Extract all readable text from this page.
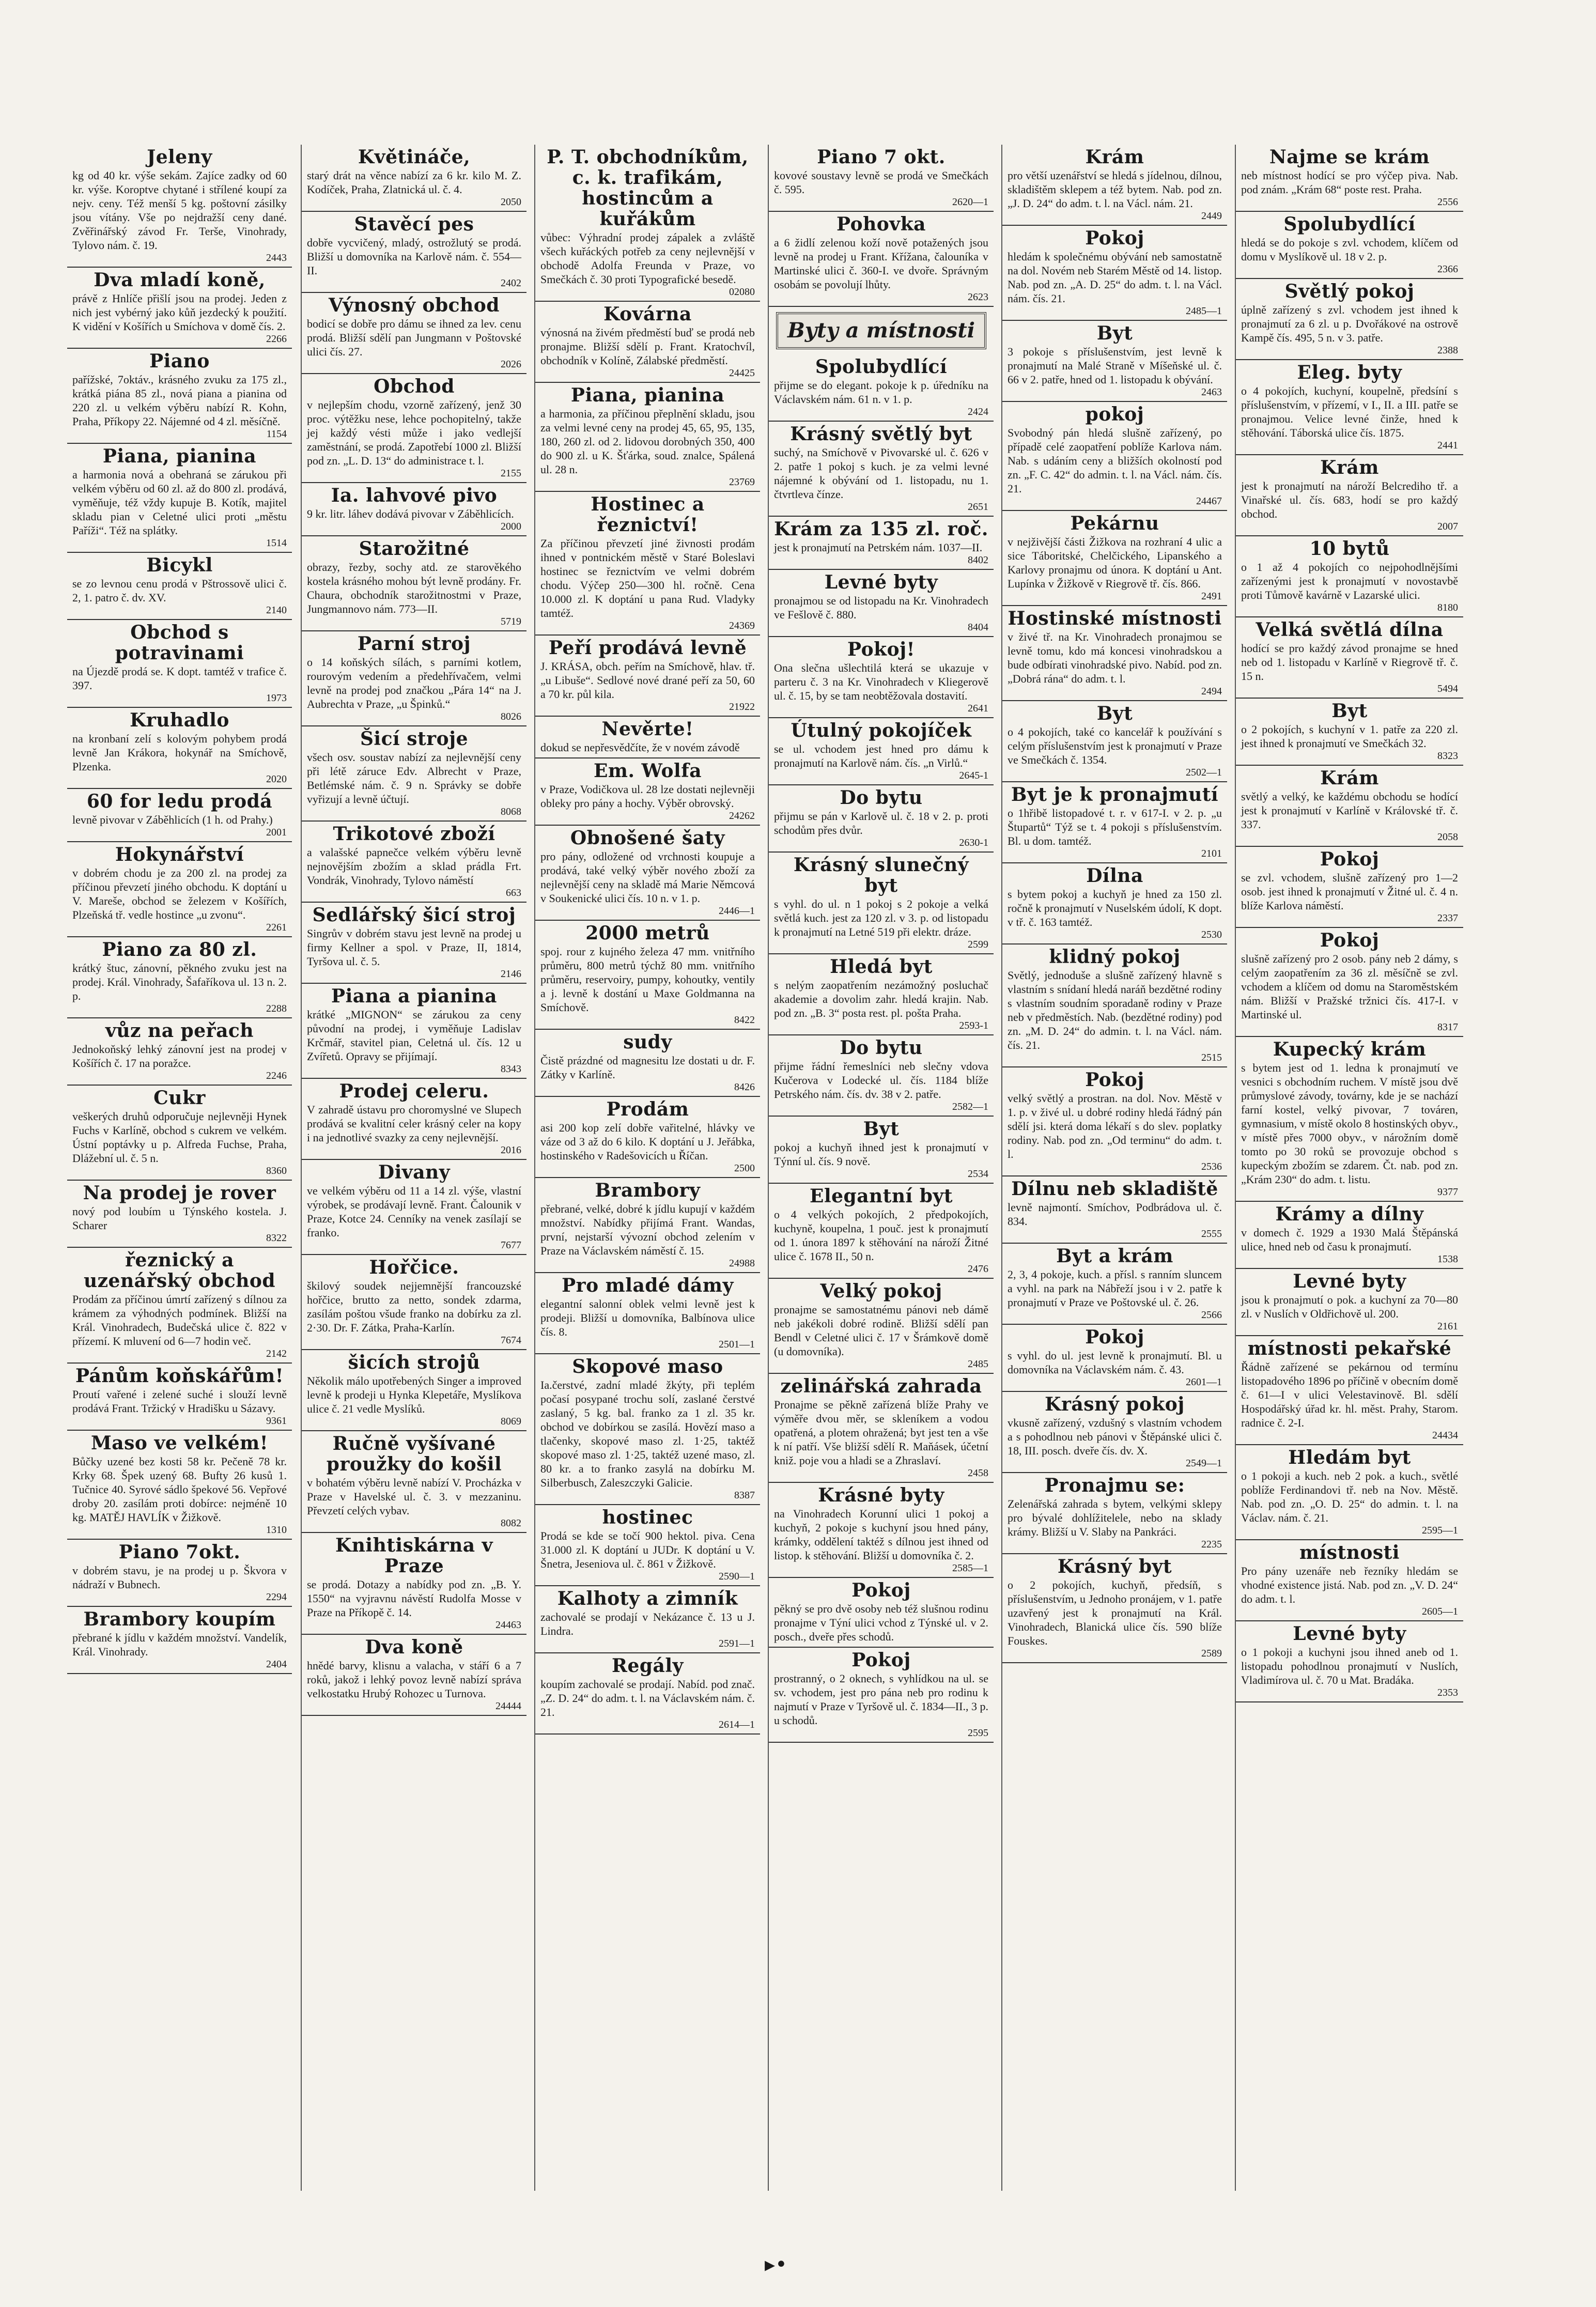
Jeleny

kg od 40 kr. výše sekám. Zajíce zadky od 60 kr. výše. Koroptve chytané i střílené koupí za nejv. ceny. Též menší 5 kg. poštovní zásilky jsou vítány. Vše po nejdražší ceny dané. Zvěřinářský závod Fr. Terše, Vinohrady, Tylovo nám. č. 19.

2443
Dva mladí koně,

právě z Hnlíče přišlí jsou na prodej. Jeden z nich jest vybérný jako kůň jezdecký k použití. K vidění v Košířích u Smíchova v domě čís. 2.

2266
Piano

pařížské, 7oktáv., krásného zvuku za 175 zl., krátká piána 85 zl., nová piana a pianina od 220 zl. u velkém výběru nabízí R. Kohn, Praha, Příkopy 22. Nájemné od 4 zl. měsíčně.

1154
Piana, pianina

a harmonia nová a obehraná se zárukou při velkém výběru od 60 zl. až do 800 zl. prodává, vyměňuje, též vždy kupuje B. Kotík, majitel skladu pian v Celetné ulici proti „městu Paříži“. Též na splátky.

1514
Bicykl

se zo levnou cenu prodá v Pštrossově ulici č. 2, 1. patro č. dv. XV.

2140
Obchod s potravinami

na Újezdě prodá se. K dopt. tamtéž v trafice č. 397.

1973
Kruhadlo

na kronbaní zelí s kolovým pohybem prodá levně Jan Krákora, hokynář na Smíchově, Plzenka.

2020
60 for ledu prodá

levně pivovar v Záběhlicích (1 h. od Prahy.)

2001
Hokynářství

v dobrém chodu je za 200 zl. na prodej za příčinou převzetí jiného obchodu. K doptání u V. Mareše, obchod se železem v Košířích, Plzeňská tř. vedle hostince „u zvonu“.

2261
Piano za 80 zl.

krátký štuc, zánovní, pěkného zvuku jest na prodej. Král. Vinohrady, Šafaříkova ul. 13 n. 2. p.

2288
vůz na peřach

Jednokoňský lehký zánovní jest na prodej v Košířích č. 17 na poražce.

2246
Cukr

veškerých druhů odporučuje nejlevněji Hynek Fuchs v Karlíně, obchod s cukrem ve velkém. Ústní poptávky u p. Alfreda Fuchse, Praha, Dlážební ul. č. 5 n.

8360
Na prodej je rover

nový pod loubím u Týnského kostela. J. Scharer

8322
řeznický a uzenářský obchod

Prodám za příčinou úmrtí zařízený s dílnou za krámem za výhodných podmínek. Bližší na Král. Vinohradech, Budečská ulice č. 822 v přízemí. K mluvení od 6—7 hodin več.

2142
Pánům koňskářům!

Proutí vařené i zelené suché i slouží levně prodává Frant. Tržický v Hradišku u Sázavy.

9361
Maso ve velkém!

Bůčky uzené bez kosti 58 kr. Pečeně 78 kr. Krky 68. Špek uzený 68. Bufty 26 kusů 1. Tučnice 40. Syrové sádlo špekové 56. Vepřové droby 20. zasílám proti dobírce: nejméně 10 kg. MATĚJ HAVLÍK v Žižkově.

1310
Piano 7okt.

v dobrém stavu, je na prodej u p. Škvora v nádraží v Bubnech.

2294
Brambory koupím

přebrané k jídlu v každém množství. Vandelík, Král. Vinohrady.

2404
Květináče,

starý drát na věnce nabízí za 6 kr. kilo M. Z. Kodíček, Praha, Zlatnická ul. č. 4.

2050
Stavěcí pes

dobře vycvičený, mladý, ostrožlutý se prodá. Bližší u domovníka na Karlově nám. č. 554—II.

2402
Výnosný obchod

bodicí se dobře pro dámu se ihned za lev. cenu prodá. Bližší sdělí pan Jungmann v Poštovské ulici čís. 27.

2026
Obchod

v nejlepším chodu, vzorně zařízený, jenž 30 proc. výtěžku nese, lehce pochopitelný, takže jej každý vésti může i jako vedlejší zaměstnání, se prodá. Zapotřebí 1000 zl. Bližší pod zn. „L. D. 13“ do administrace t. l.

2155
Ia. lahvové pivo

9 kr. litr. láhev dodává pivovar v Záběhlicích.

2000
Starožitné

obrazy, řezby, sochy atd. ze starověkého kostela krásného mohou být levně prodány. Fr. Chaura, obchodník starožitnostmi v Praze, Jungmannovo nám. 773—II.

5719
Parní stroj

o 14 koňských sílách, s parními kotlem, rourovým vedením a předehřívačem, velmi levně na prodej pod značkou „Pára 14“ na J. Aubrechta v Praze, „u Špinků.“

8026
Šicí stroje

všech osv. soustav nabízí za nejlevnější ceny při létě záruce Edv. Albrecht v Praze, Betlémské nám. č. 9 n. Správky se dobře vyřizují a levně účtují.

8068
Trikotové zboží

a valašské papnečce velkém výběru levně nejnovějším zbožím a sklad prádla Frt. Vondrák, Vinohrady, Tylovo náměstí

663
Sedlářský šicí stroj

Singrův v dobrém stavu jest levně na prodej u firmy Kellner a spol. v Praze, II, 1814, Tyršova ul. č. 5.

2146
Piana a pianina

krátké „MIGNON“ se zárukou za ceny původní na prodej, i vyměňuje Ladislav Krčmář, stavitel pian, Celetná ul. čís. 12 u Zvířetů. Opravy se přijímají.

8343
Prodej celeru.

V zahradě ústavu pro choromyslné ve Slupech prodává se kvalitní celer krásný celer na kopy i na jednotlivé svazky za ceny nejlevnější.

2016
Divany

ve velkém výběru od 11 a 14 zl. výše, vlastní výrobek, se prodávají levně. Frant. Čalounik v Praze, Kotce 24. Cenníky na venek zasílají se franko.

7677
Hořčice.

škilový soudek nejjemnější francouzské hořčice, brutto za netto, sondek zdarma, zasílám poštou všude franko na dobírku za zl. 2·30. Dr. F. Zátka, Praha-Karlín.

7674
šicích strojů

Několik málo upotřebených Singer a improved levně k prodeji u Hynka Klepetáře, Myslíkova ulice č. 21 vedle Myslíků.

8069
Ručně vyšívané proužky do košil

v bohatém výběru levně nabízí V. Procházka v Praze v Havelské ul. č. 3. v mezzaninu. Převzetí celých vybav.

8082
Knihtiskárna v Praze

se prodá. Dotazy a nabídky pod zn. „B. Y. 1550“ na vyjravnu návěstí Rudolfa Mosse v Praze na Příkopě č. 14.

24463
Dva koně

hnědé barvy, klisnu a valacha, v stáří 6 a 7 roků, jakož i lehký povoz levně nabízí správa velkostatku Hrubý Rohozec u Turnova.

24444
P. T. obchodníkům, c. k. trafikám, hostincům a kuřákům

vůbec: Výhradní prodej zápalek a zvláště všech kuřáckých potřeb za ceny nejlevnější v obchodě Adolfa Freunda v Praze, vo Smečkách č. 30 proti Typografické besedě.

02080
Kovárna

výnosná na živém předměstí buď se prodá neb pronajme. Bližší sdělí p. Frant. Kratochvíl, obchodník v Kolíně, Zálabské předměstí.

24425
Piana, pianina

a harmonia, za příčinou přeplnění skladu, jsou za velmi levné ceny na prodej 45, 65, 95, 135, 180, 260 zl. od 2. lidovou dorobných 350, 400 do 900 zl. u K. Šťárka, soud. znalce, Spálená ul. 28 n.

23769
Hostinec a řeznictví!

Za příčinou převzetí jiné živnosti prodám ihned v pontnickém městě v Staré Boleslavi hostinec se řeznictvím ve velmi dobrém chodu. Výčep 250—300 hl. ročně. Cena 10.000 zl. K doptání u pana Rud. Vladyky tamtéž.

24369
Peří prodává levně

J. KRÁSA, obch. peřím na Smíchově, hlav. tř. „u Libuše“. Sedlové nové drané peří za 50, 60 a 70 kr. půl kila.

21922
Nevěrte!

dokud se nepřesvědčíte, že v novém závodě

Em. Wolfa

v Praze, Vodičkova ul. 28 lze dostati nejlevněji obleky pro pány a hochy. Výběr obrovský.

24262
Obnošené šaty

pro pány, odložené od vrchnosti koupuje a prodává, také velký výběr nového zboží za nejlevnější ceny na skladě má Marie Němcová v Soukenické ulici čís. 10 n. v 1. p.

2446—1
2000 metrů

spoj. rour z kujného železa 47 mm. vnitřního průměru, 800 metrů týchž 80 mm. vnitřního průměru, reservoiry, pumpy, kohoutky, ventily a j. levně k dostání u Maxe Goldmanna na Smíchově.

8422
sudy

Čistě prázdné od magnesitu lze dostati u dr. F. Zátky v Karlíně.

8426
Prodám

asi 200 kop zelí dobře vařitelné, hlávky ve váze od 3 až do 6 kilo. K doptání u J. Jeřábka, hostinského v Radešovicích u Říčan.

2500
Brambory

přebrané, velké, dobré k jídlu kupují v každém množství. Nabídky přijímá Frant. Wandas, první, nejstarší vývozní obchod zelením v Praze na Václavském náměstí č. 15.

24988
Pro mladé dámy

elegantní salonní oblek velmi levně jest k prodeji. Bližší u domovníka, Balbínova ulice čís. 8.

2501—1
Skopové maso

Ia.čerstvé, zadní mladé žkýty, při teplém počasí posypané trochu solí, zaslané čerstvé zaslaný, 5 kg. bal. franko za 1 zl. 35 kr. obchod ve dobírkou se zasílá. Hovězí maso a tlačenky, skopové maso zl. 1·25, taktéž skopové maso zl. 1·25, taktéž uzené maso, zl. 80 kr. a to franko zasylá na dobírku M. Silberbusch, Zaleszczyki Galicie.

8387
hostinec

Prodá se kde se točí 900 hektol. piva. Cena 31.000 zl. K doptání u JUDr. K doptání u V. Šnetra, Jeseniova ul. č. 861 v Žižkově.

2590—1
Kalhoty a zimník

zachovalé se prodají v Nekázance č. 13 u J. Lindra.

2591—1
Regály

koupím zachovalé se prodají. Nabíd. pod znač. „Z. D. 24“ do adm. t. l. na Václavském nám. č. 21.

2614—1
Piano 7 okt.

kovové soustavy levně se prodá ve Smečkách č. 595.

2620—1
Pohovka

a 6 židlí zelenou koží nově potažených jsou levně na prodej u Frant. Křížana, čalouníka v Martinské ulici č. 360-I. ve dvoře. Správným osobám se povolují lhůty.

2623
Byty a místnosti
Spolubydlící

přijme se do elegant. pokoje k p. úředníku na Václavském nám. 61 n. v 1. p.

2424
Krásný světlý byt

suchý, na Smíchově v Pivovarské ul. č. 626 v 2. patře 1 pokoj s kuch. je za velmi levné nájemné k obývání od 1. listopadu, nu 1. čtvrtleva čínze.

2651
Krám za 135 zl. roč.

jest k pronajmutí na Petrském nám. 1037—II.

8402
Levné byty

pronajmou se od listopadu na Kr. Vinohradech ve Fešlově č. 880.

8404
Pokoj!

Ona slečna ušlechtilá která se ukazuje v parteru č. 3 na Kr. Vinohradech v Kliegerově ul. č. 15, by se tam neobtěžovala dostavití.

2641
Útulný pokojíček

se ul. vchodem jest hned pro dámu k pronajmutí na Karlově nám. čís. „n Virlů.“

2645-1
Do bytu

přijmu se pán v Karlově ul. č. 18 v 2. p. proti schodům přes dvůr.

2630-1
Krásný slunečný byt

s vyhl. do ul. n 1 pokoj s 2 pokoje a velká světlá kuch. jest za 120 zl. v 3. p. od listopadu k pronajmutí na Letné 519 při elektr. dráze.

2599
Hledá byt

s nelým zaopatřením nezámožný posluchač akademie a dovolim zahr. hledá krajin. Nab. pod zn. „B. 3“ posta rest. pl. pošta Praha.

2593-1
Do bytu

přijme řádní řemeslníci neb slečny vdova Kučerova v Lodecké ul. čís. 1184 blíže Petrského nám. čís. dv. 38 v 2. patře.

2582—1
Byt

pokoj a kuchyň ihned jest k pronajmutí v Týnní ul. čís. 9 nově.

2534
Elegantní byt

o 4 velkých pokojích, 2 předpokojích, kuchyně, koupelna, 1 pouč. jest k pronajmutí od 1. února 1897 k stěhování na nároží Žitné ulice č. 1678 II., 50 n.

2476
Velký pokoj

pronajme se samostatnému pánovi neb dámě neb jakékoli dobré rodině. Bližší sdělí pan Bendl v Celetné ulici č. 17 v Šrámkově domě (u domovníka).

2485
zelinářská zahrada

Pronajme se pěkně zařízená blíže Prahy ve výměře dvou měr, se skleníkem a vodou opatřená, a plotem ohražená; byt jest ten a vše k ní patří. Vše bližší sdělí R. Maňásek, účetní kniž. poje vou a hladi se a Zhraslaví.

2458
Krásné byty

na Vinohradech Korunní ulici 1 pokoj a kuchyň, 2 pokoje s kuchyní jsou hned pány, krámky, oddělení taktéž s dílnou jest ihned od listop. k stěhování. Bližší u domovníka č. 2.

2585—1
Pokoj

pěkný se pro dvě osoby neb též slušnou rodinu pronajme v Týní ulici vchod z Týnské ul. v 2. posch., dveře přes schodů.

Pokoj

prostranný, o 2 oknech, s vyhlídkou na ul. se sv. vchodem, jest pro pána neb pro rodinu k najmutí v Praze v Tyršově ul. č. 1834—II., 3 p. u schodů.

2595
Krám

pro větší uzenářství se hledá s jídelnou, dílnou, skladištěm sklepem a též bytem. Nab. pod zn. „J. D. 24“ do adm. t. l. na Václ. nám. 21.

2449
Pokoj

hledám k společnému obývání neb samostatně na dol. Novém neb Starém Městě od 14. listop. Nab. pod zn. „A. D. 25“ do adm. t. l. na Václ. nám. čís. 21.

2485—1
Byt

3 pokoje s příslušenstvím, jest levně k pronajmutí na Malé Straně v Míšeňské ul. č. 66 v 2. patře, hned od 1. listopadu k obývání.

2463
pokoj

Svobodný pán hledá slušně zařízený, po případě celé zaopatření poblíže Karlova nám. Nab. s udáním ceny a bližších okolností pod zn. „F. C. 42“ do admin. t. l. na Václ. nám. čís. 21.

24467
Pekárnu

v nejživější části Žižkova na rozhraní 4 ulic a sice Táboritské, Chelčického, Lipanského a Karlovy pronajmu od února. K doptání u Ant. Lupínka v Žižkově v Riegrově tř. čís. 866.

2491
Hostinské místnosti

v živé tř. na Kr. Vinohradech pronajmou se levně tomu, kdo má koncesi vinohradskou a bude odbírati vinohradské pivo. Nabíd. pod zn. „Dobrá rána“ do adm. t. l.

2494
Byt

o 4 pokojích, také co kancelář k používání s celým příslušenstvím jest k pronajmutí v Praze ve Smečkách č. 1354.

2502—1
Byt je k pronajmutí

o 1hřibě listopadové t. r. v 617-I. v 2. p. „u Štupartů“ Týž se t. 4 pokoji s příslušenstvím. Bl. u dom. tamtéž.

2101
Dílna

s bytem pokoj a kuchyň je hned za 150 zl. ročně k pronajmutí v Nuselském údolí, K dopt. v tř. č. 163 tamtéž.

2530
klidný pokoj

Světlý, jednoduše a slušně zařízený hlavně s vlastním s snídaní hledá naráň bezdětné rodiny s vlastním soudním sporadaně rodiny v Praze neb v předměstích. Nab. (bezdětné rodiny) pod zn. „M. D. 24“ do admin. t. l. na Václ. nám. čís. 21.

2515
Pokoj

velký světlý a prostran. na dol. Nov. Městě v 1. p. v živé ul. u dobré rodiny hledá řádný pán sdělí jsi. která doma lékaří s do slev. poplatky rodiny. Nab. pod zn. „Od terminu“ do adm. t. l.

2536
Dílnu neb skladiště

levně najmontí. Smíchov, Podbrádova ul. č. 834.

2555
Byt a krám

2, 3, 4 pokoje, kuch. a přísl. s ranním sluncem a vyhl. na park na Nábřeží jsou i v 2. patře k pronajmutí v Praze ve Poštovské ul. č. 26.

2566
Pokoj

s vyhl. do ul. jest levně k pronajmutí. Bl. u domovníka na Václavském nám. č. 43.

2601—1
Krásný pokoj

vkusně zařízený, vzdušný s vlastním vchodem a s pohodlnou neb pánovi v Štěpánské ulici č. 18, III. posch. dveře čís. dv. X.

2549—1
Pronajmu se:

Zelenářská zahrada s bytem, velkými sklepy pro bývalé dohlížitelele, nebo na sklady krámy. Bližší u V. Slaby na Pankráci.

2235
Krásný byt

o 2 pokojích, kuchyň, předsíň, s příslušenstvím, u Jednoho pronájem, v 1. patře uzavřený jest k pronajmutí na Král. Vinohradech, Blanická ulice čís. 590 blíže Fouskes.

2589
Najme se krám

neb místnost hodící se pro výčep piva. Nab. pod znám. „Krám 68“ poste rest. Praha.

2556
Spolubydlící

hledá se do pokoje s zvl. vchodem, klíčem od domu v Myslíkově ul. 18 v 2. p.

2366
Světlý pokoj

úplně zařízený s zvl. vchodem jest ihned k pronajmutí za 6 zl. u p. Dvořákové na ostrově Kampě čís. 495, 5 n. v 3. patře.

2388
Eleg. byty

o 4 pokojích, kuchyní, koupelně, předsíní s příslušenstvím, v přízemí, v I., II. a III. patře se pronajmou. Velice levné činže, hned k stěhování. Táborská ulice čís. 1875.

2441
Krám

jest k pronajmutí na nároží Belcrediho tř. a Vinařské ul. čís. 683, hodí se pro každý obchod.

2007
10 bytů

o 1 až 4 pokojích co nejpohodlnějšími zařízenými jest k pronajmutí v novostavbě proti Tůmově kavárně v Lazarské ulici.

8180
Velká světlá dílna

hodící se pro každý závod pronajme se hned neb od 1. listopadu v Karlíně v Riegrově tř. č. 15 n.

5494
Byt

o 2 pokojích, s kuchyní v 1. patře za 220 zl. jest ihned k pronajmutí ve Smečkách 32.

8323
Krám

světlý a velký, ke každému obchodu se hodící jest k pronajmutí v Karlíně v Královské tř. č. 337.

2058
Pokoj

se zvl. vchodem, slušně zařízený pro 1—2 osob. jest ihned k pronajmutí v Žitné ul. č. 4 n. blíže Karlova náměstí.

2337
Pokoj

slušně zařízený pro 2 osob. pány neb 2 dámy, s celým zaopatřením za 36 zl. měsíčně se zvl. vchodem a klíčem od domu na Staroměstském nám. Bližší v Pražské tržnici čís. 417-I. v Martinské ul.

8317
Kupecký krám

s bytem jest od 1. ledna k pronajmutí ve vesnici s obchodním ruchem. V místě jsou dvě průmyslové závody, továrny, kde je se nachází farní kostel, velký pivovar, 7 továren, gymnasium, v místě okolo 8 hostinských obyv., v místě přes 7000 obyv., v nárožním domě tomto po 30 roků se provozuje obchod s kupeckým zbožím se zdarem. Čt. nab. pod zn. „Krám 230“ do adm. t. listu.

9377
Krámy a dílny

v domech č. 1929 a 1930 Malá Štěpánská ulice, hned neb od času k pronajmutí.

1538
Levné byty

jsou k pronajmutí o pok. a kuchyní za 70—80 zl. v Nuslích v Oldřichově ul. 200.

2161
místnosti pekařské

Řádně zařízené se pekárnou od termínu listopadového 1896 po příčině v obecním domě č. 61—I v ulici Velestavinově. Bl. sdělí Hospodářský úřad kr. hl. měst. Prahy, Starom. radnice č. 2-I.

24434
Hledám byt

o 1 pokoji a kuch. neb 2 pok. a kuch., světlé poblíže Ferdinandovi tř. neb na Nov. Městě. Nab. pod zn. „O. D. 25“ do admin. t. l. na Václav. nám. č. 21.

2595—1
místnosti

Pro pány uzenáře neb řezníky hledám se vhodné existence jistá. Nab. pod zn. „V. D. 24“ do adm. t. l.

2605—1
Levné byty

o 1 pokoji a kuchyni jsou ihned aneb od 1. listopadu pohodlnou pronajmutí v Nuslích, Vladimírova ul. č. 70 u Mat. Bradáka.

2353
▸•
